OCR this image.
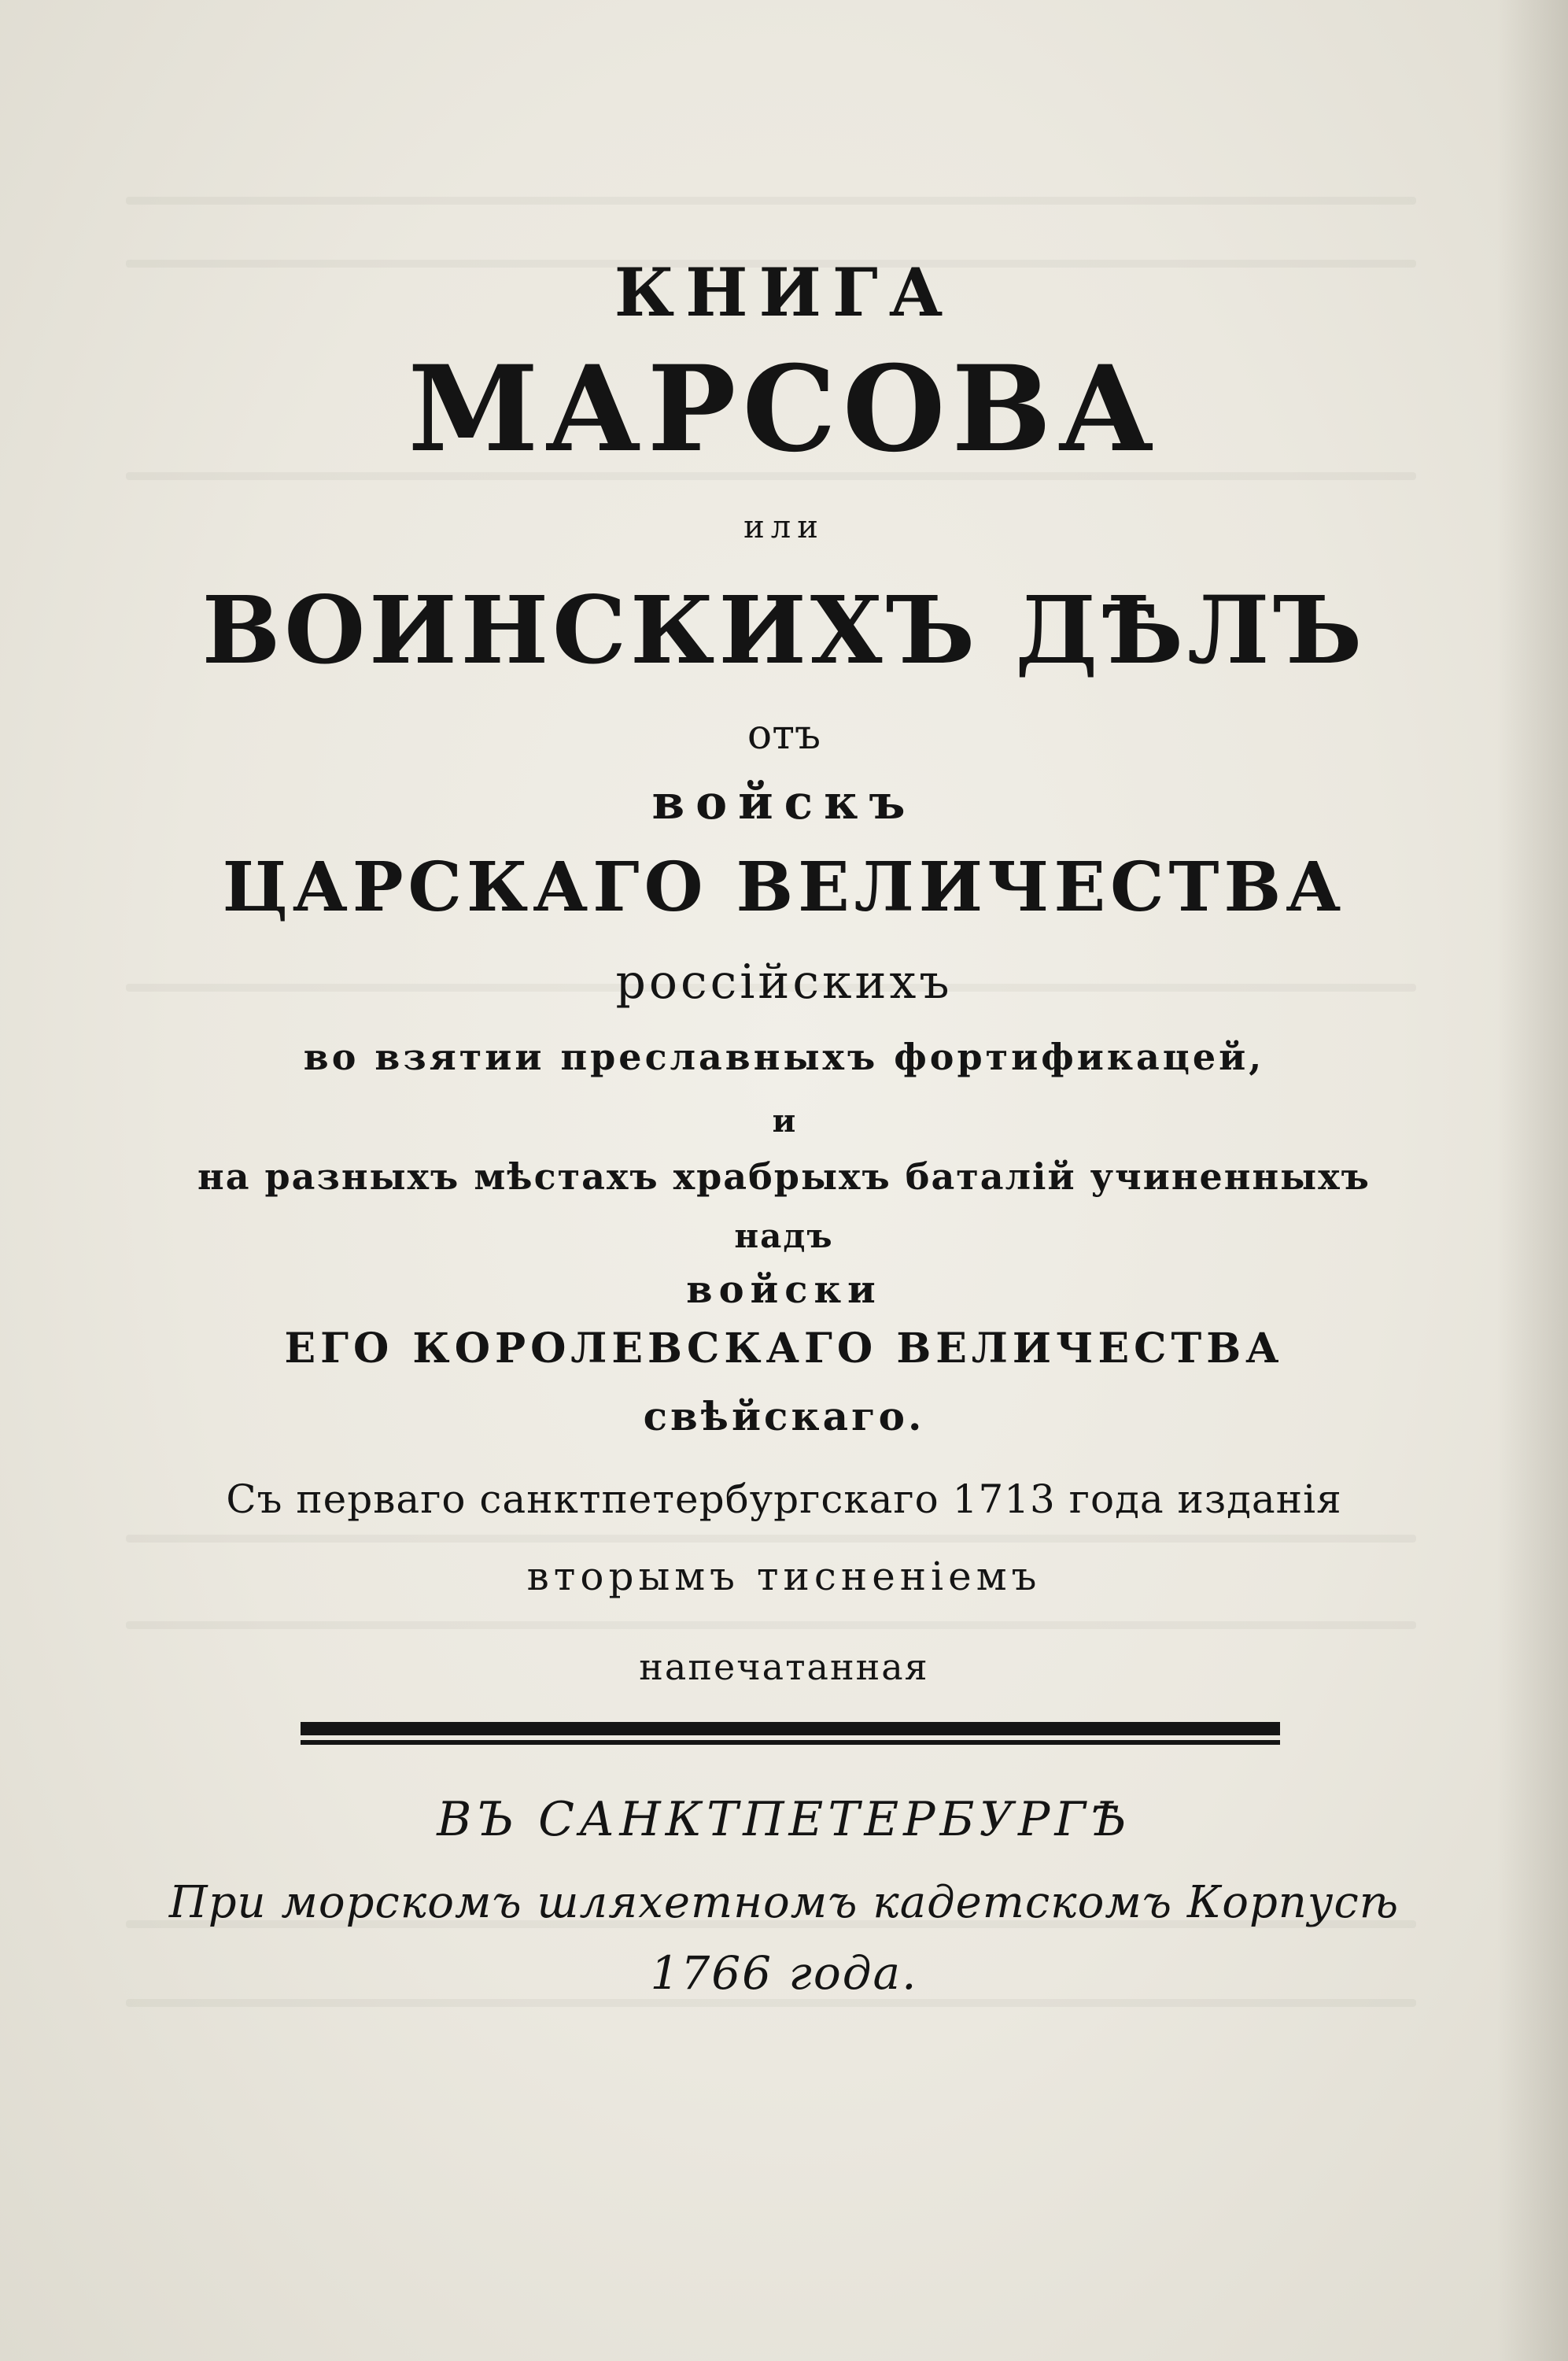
КНИГА
МАРСОВА
или
ВОИНСКИХЪ ДѢЛЪ
отъ
войскъ
ЦАРСКАГО ВЕЛИЧЕСТВА
россійскихъ
во взятии преславныхъ фортификацей,
и
на разныхъ мѣстахъ храбрыхъ баталій учиненныхъ
надъ
войски
ЕГО КОРОЛЕВСКАГО ВЕЛИЧЕСТВА
свѣйскаго.
Съ перваго санктпетербургскаго 1713 года изданія
вторымъ тисненіемъ
напечатанная
ВЪ САНКТПЕТЕРБУРГѢ
При морскомъ шляхетномъ кадетскомъ Корпусѣ
1766 года.
